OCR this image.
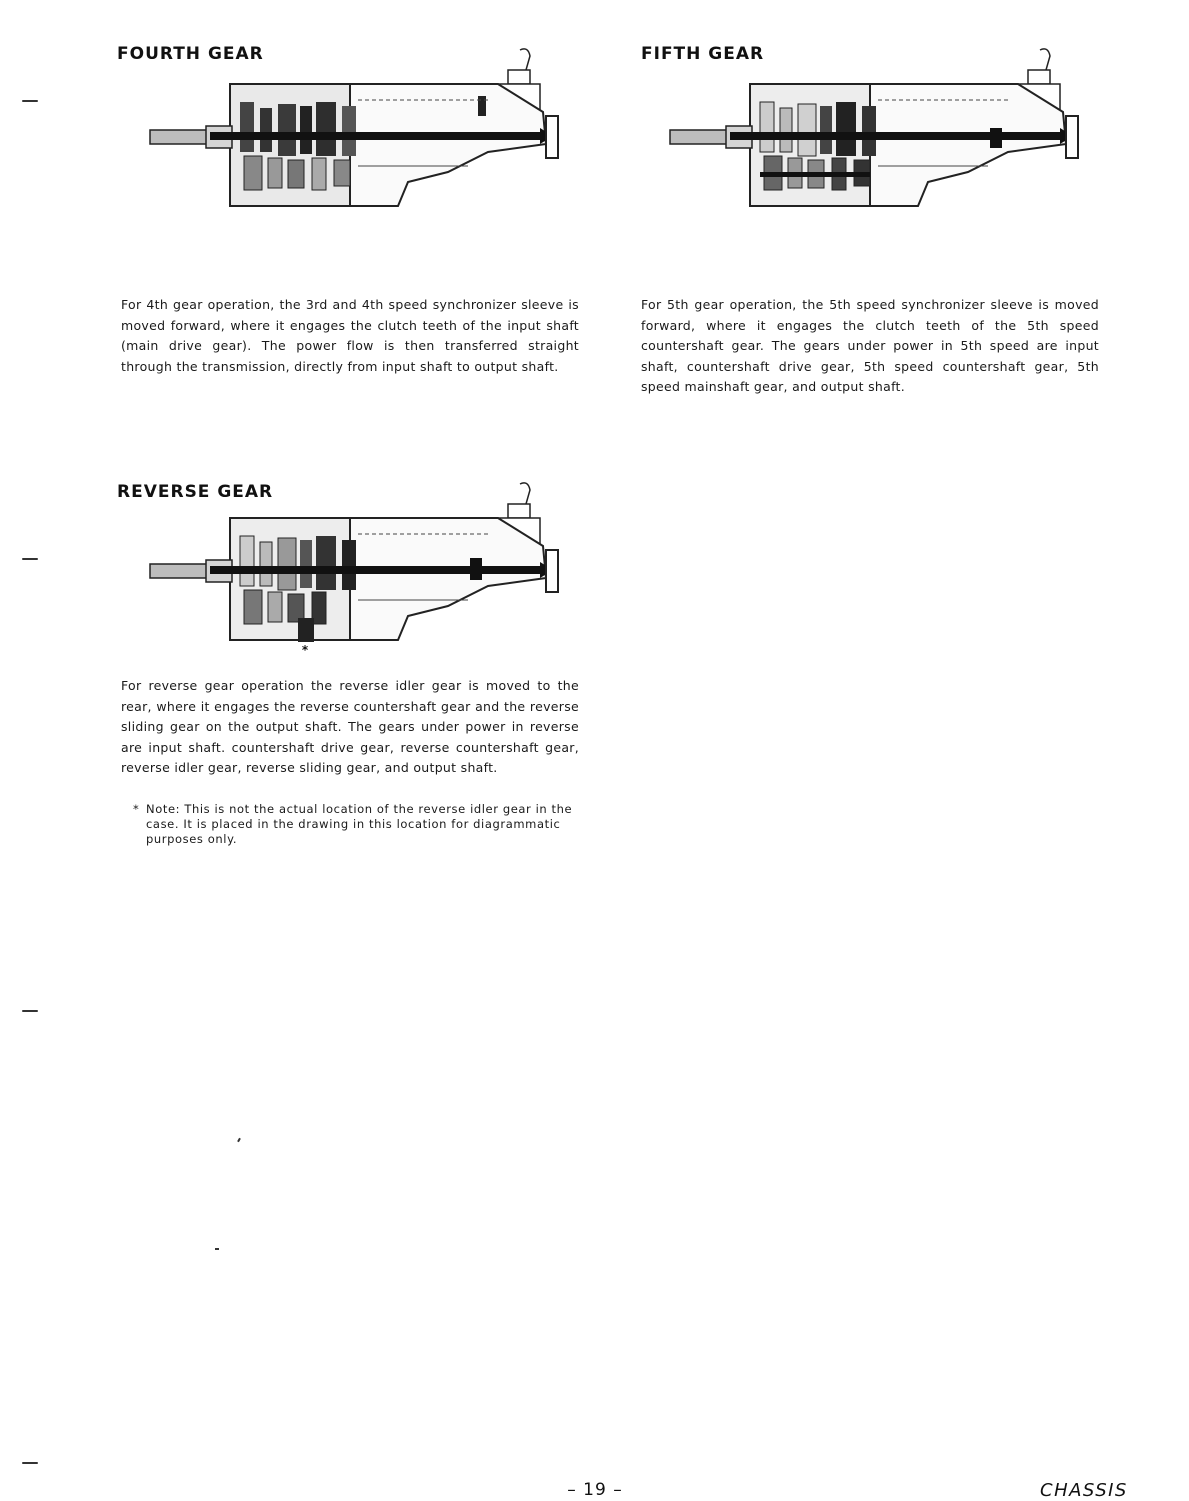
FOURTH GEAR

For 4th gear operation, the 3rd and 4th speed synchronizer sleeve is moved forward, where it engages the clutch teeth of the input shaft (main drive gear). The power flow is then transferred straight through the transmission, directly from input shaft to output shaft.

FIFTH GEAR

For 5th gear operation, the 5th speed synchronizer sleeve is moved forward, where it engages the clutch teeth of the 5th speed countershaft gear. The gears under power in 5th speed are input shaft, countershaft drive gear, 5th speed countershaft gear, 5th speed mainshaft gear, and output shaft.

REVERSE GEAR
*

For reverse gear operation the reverse idler gear is moved to the rear, where it engages the reverse countershaft gear and the reverse sliding gear on the output shaft. The gears under power in reverse are input shaft. countershaft drive gear, reverse countershaft gear, reverse idler gear, reverse sliding gear, and output shaft.

* Note: This is not the actual location of the reverse idler gear in the case. It is placed in the drawing in this location for diagrammatic purposes only.
– 19 –	CHASSIS
